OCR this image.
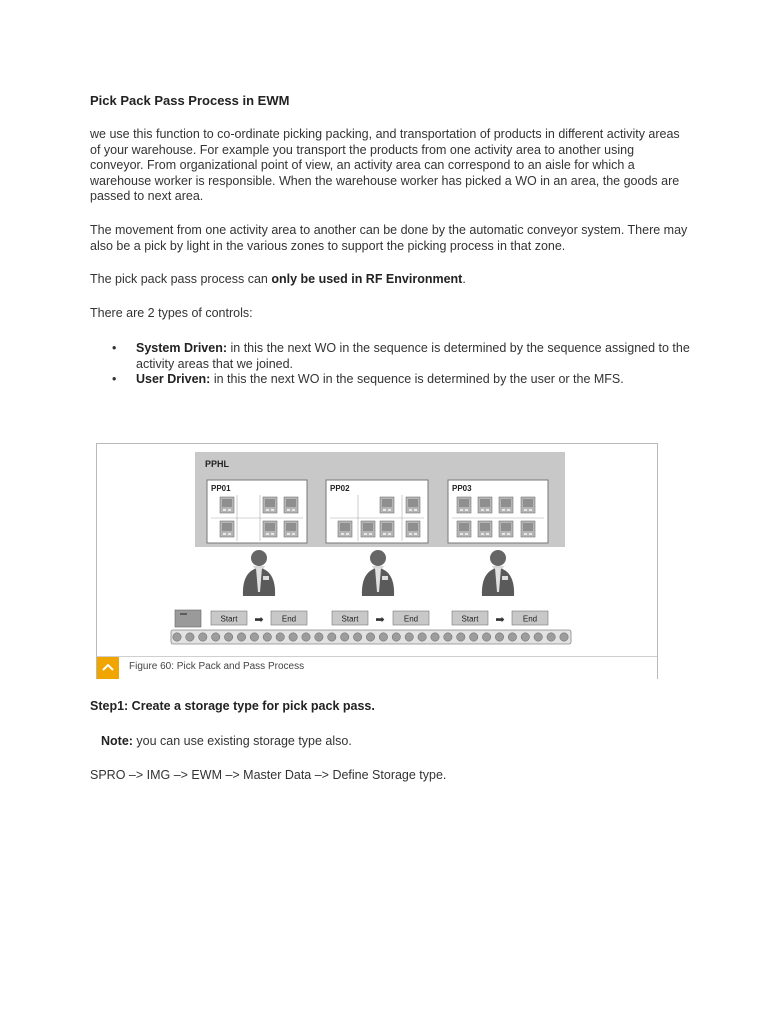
Pick Pack Pass Process in EWM

we use this function to co-ordinate picking packing, and transportation of products in different activity areas of your warehouse. For example you transport the products from one activity area to another using conveyor. From organizational point of view, an activity area can correspond to an aisle for which a warehouse worker is responsible. When the warehouse worker has picked a WO in an area, the goods are passed to next area.

The movement from one activity area to another can be done by the automatic conveyor system. There may also be a pick by light in the various zones to support the picking process in that zone.

The pick pack pass process can only be used in RF Environment.

There are 2 types of controls:

• System Driven: in this the next WO in the sequence is determined by the sequence assigned to the activity areas that we joined.
• User Driven: in this the next WO in the sequence is determined by the user or the MFS.
PPHL
PP01	PP02	PP03
Start ➡ End	Start ➡ End	Start ➡ End
Figure 60: Pick Pack and Pass Process

Step1: Create a storage type for pick pack pass.

Note: you can use existing storage type also.

SPRO –> IMG –> EWM –> Master Data –> Define Storage type.
